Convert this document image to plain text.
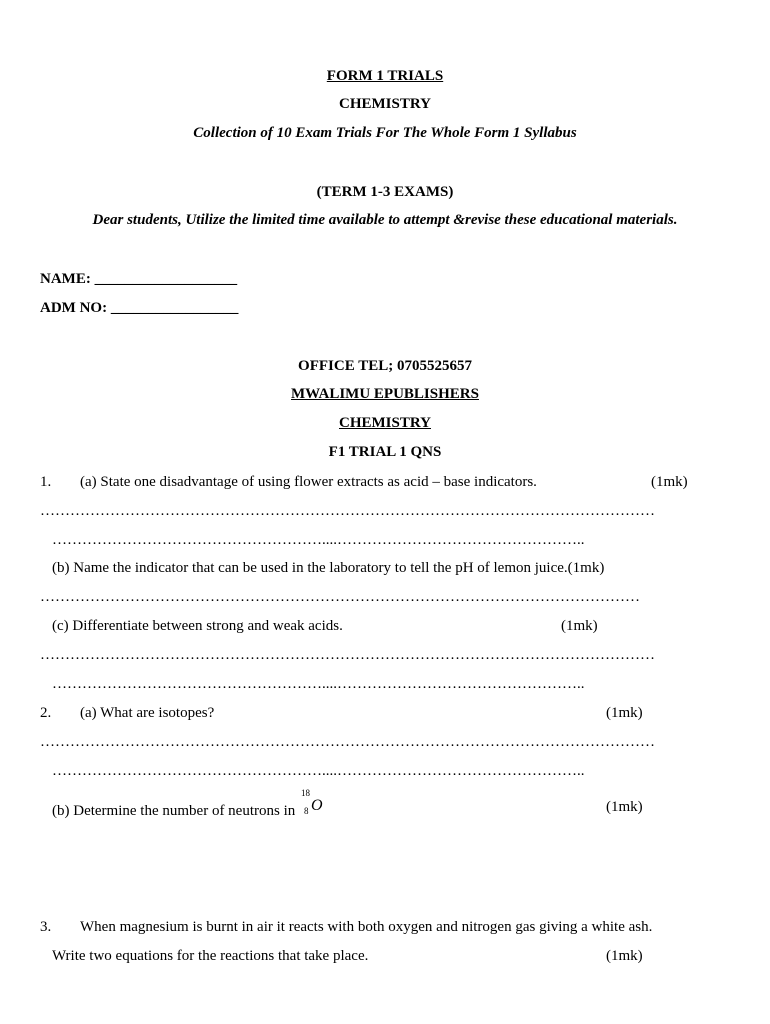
FORM 1 TRIALS
CHEMISTRY
Collection of 10 Exam Trials For The Whole Form 1 Syllabus
(TERM 1-3 EXAMS)
Dear students, Utilize the limited time available to attempt &revise these educational materials.
NAME: ___________________
ADM NO: _________________
OFFICE TEL; 0705525657
MWALIMU EPUBLISHERS
CHEMISTRY
F1 TRIAL 1 QNS
1. (a) State one disadvantage of using flower extracts as acid – base indicators.	(1mk)
……………………………………………………………………………………………………………
………………………………………………....…………………………………………..
(b) Name the indicator that can be used in the laboratory to tell the pH of lemon juice.(1mk)
…………………………………………………………………………………………………………
(c) Differentiate between strong and weak acids.	(1mk)
……………………………………………………………………………………………………………
………………………………………………....…………………………………………..
2. (a) What are isotopes?	(1mk)
……………………………………………………………………………………………………………
………………………………………………....…………………………………………..
(b) Determine the number of neutrons in
18
8 O	(1mk)
3. When magnesium is burnt in air it reacts with both oxygen and nitrogen gas giving a white ash.
Write two equations for the reactions that take place.	(1mk)
